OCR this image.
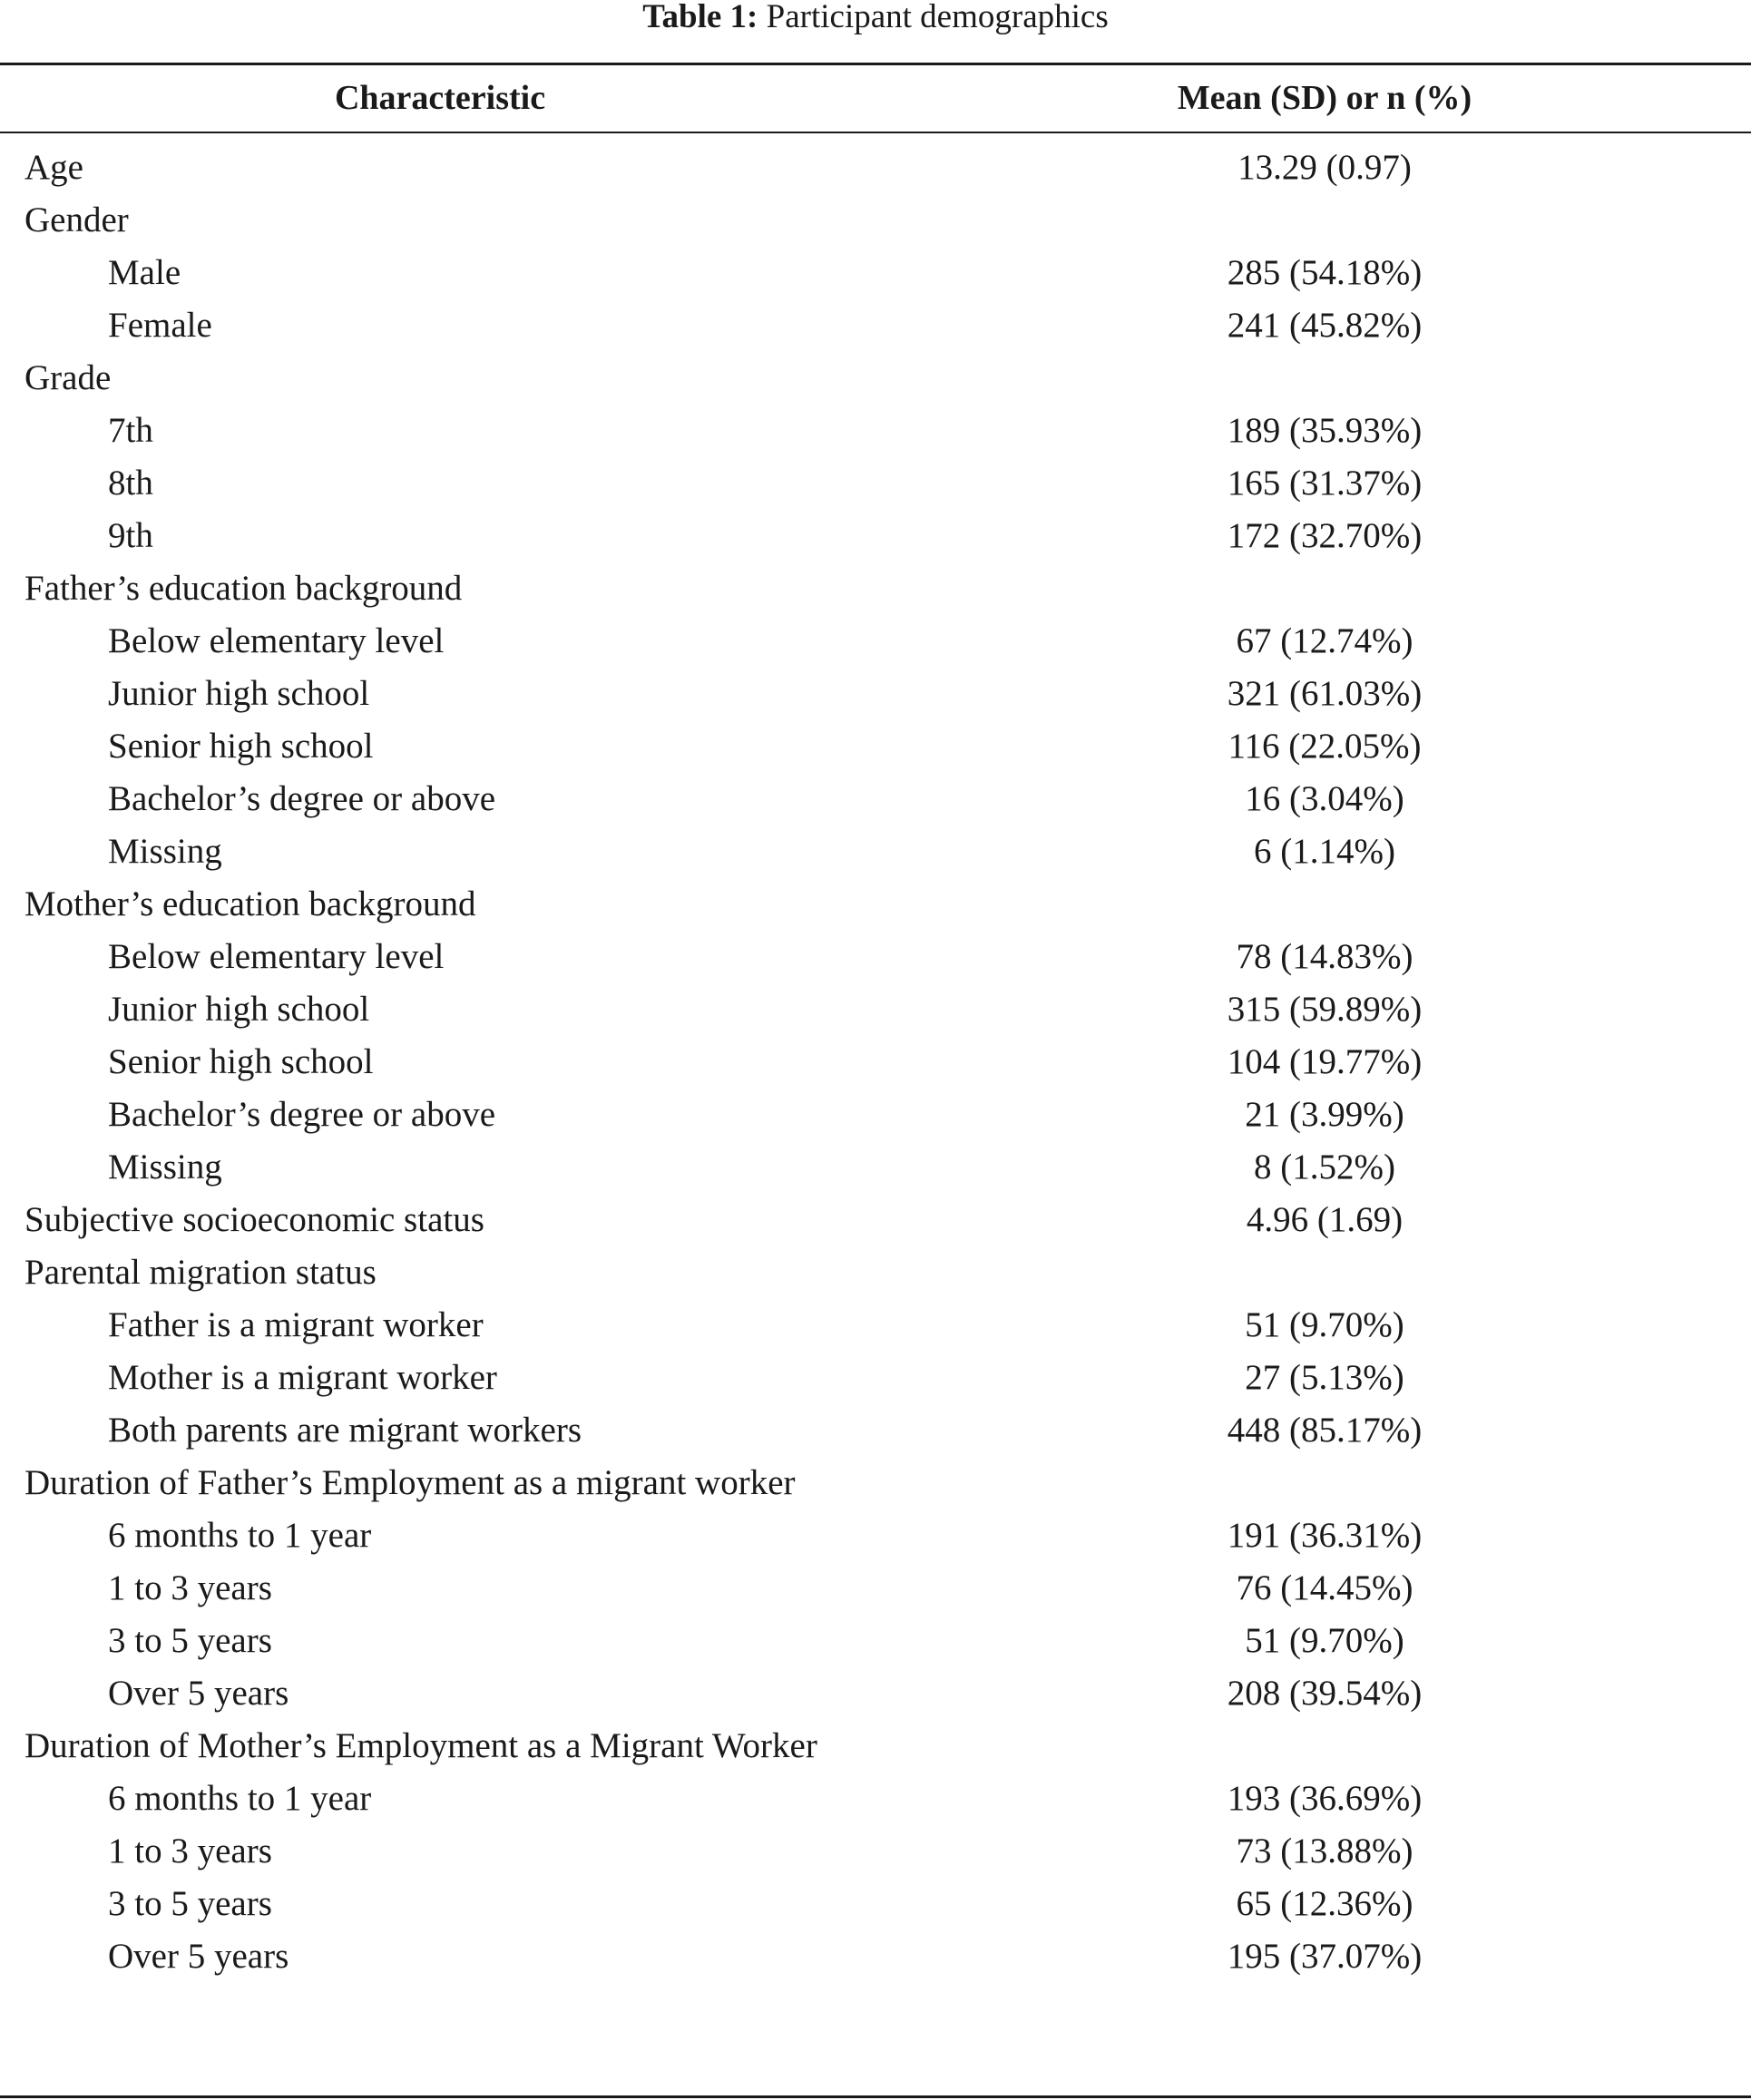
Table 1: Participant demographics
Characteristic	Mean (SD) or n (%)
Age	13.29 (0.97)
Gender
Male	285 (54.18%)
Female	241 (45.82%)
Grade
7th	189 (35.93%)
8th	165 (31.37%)
9th	172 (32.70%)
Father’s education background
Below elementary level	67 (12.74%)
Junior high school	321 (61.03%)
Senior high school	116 (22.05%)
Bachelor’s degree or above	16 (3.04%)
Missing	6 (1.14%)
Mother’s education background
Below elementary level	78 (14.83%)
Junior high school	315 (59.89%)
Senior high school	104 (19.77%)
Bachelor’s degree or above	21 (3.99%)
Missing	8 (1.52%)
Subjective socioeconomic status	4.96 (1.69)
Parental migration status
Father is a migrant worker	51 (9.70%)
Mother is a migrant worker	27 (5.13%)
Both parents are migrant workers	448 (85.17%)
Duration of Father’s Employment as a migrant worker
6 months to 1 year	191 (36.31%)
1 to 3 years	76 (14.45%)
3 to 5 years	51 (9.70%)
Over 5 years	208 (39.54%)
Duration of Mother’s Employment as a Migrant Worker
6 months to 1 year	193 (36.69%)
1 to 3 years	73 (13.88%)
3 to 5 years	65 (12.36%)
Over 5 years	195 (37.07%)
